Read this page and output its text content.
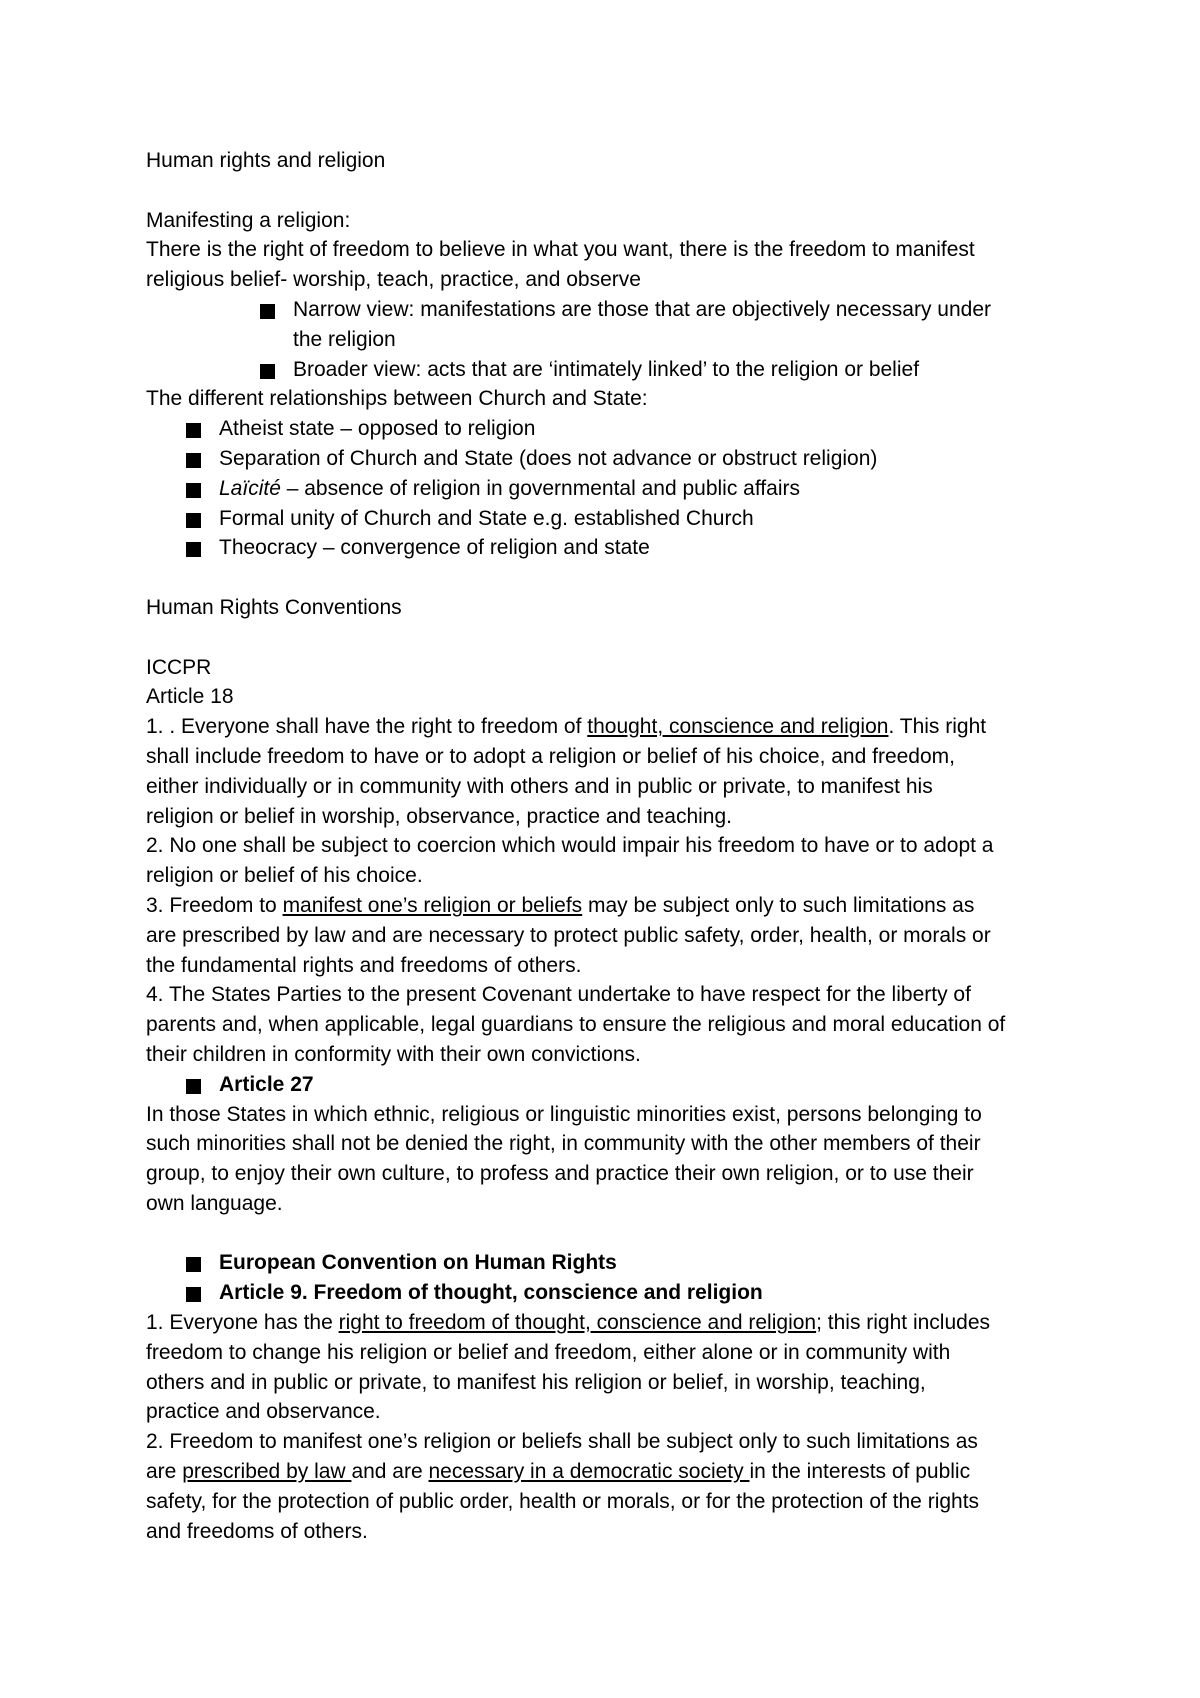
Human rights and religion
Manifesting a religion:
There is the right of freedom to believe in what you want, there is the freedom to manifest
religious belief- worship, teach, practice, and observe
Narrow view: manifestations are those that are objectively necessary under
the religion
Broader view: acts that are ‘intimately linked’ to the religion or belief
The different relationships between Church and State:
Atheist state – opposed to religion
Separation of Church and State (does not advance or obstruct religion)
Laïcité – absence of religion in governmental and public affairs
Formal unity of Church and State e.g. established Church
Theocracy – convergence of religion and state
Human Rights Conventions
ICCPR
Article 18
1. . Everyone shall have the right to freedom of thought, conscience and religion. This right
shall include freedom to have or to adopt a religion or belief of his choice, and freedom,
either individually or in community with others and in public or private, to manifest his
religion or belief in worship, observance, practice and teaching.
2. No one shall be subject to coercion which would impair his freedom to have or to adopt a
religion or belief of his choice.
3. Freedom to manifest one’s religion or beliefs may be subject only to such limitations as
are prescribed by law and are necessary to protect public safety, order, health, or morals or
the fundamental rights and freedoms of others.
4. The States Parties to the present Covenant undertake to have respect for the liberty of
parents and, when applicable, legal guardians to ensure the religious and moral education of
their children in conformity with their own convictions.
Article 27
In those States in which ethnic, religious or linguistic minorities exist, persons belonging to
such minorities shall not be denied the right, in community with the other members of their
group, to enjoy their own culture, to profess and practice their own religion, or to use their
own language.
European Convention on Human Rights
Article 9. Freedom of thought, conscience and religion
1. Everyone has the right to freedom of thought, conscience and religion; this right includes
freedom to change his religion or belief and freedom, either alone or in community with
others and in public or private, to manifest his religion or belief, in worship, teaching,
practice and observance.
2. Freedom to manifest one’s religion or beliefs shall be subject only to such limitations as
are prescribed by law and are necessary in a democratic society in the interests of public
safety, for the protection of public order, health or morals, or for the protection of the rights
and freedoms of others.
